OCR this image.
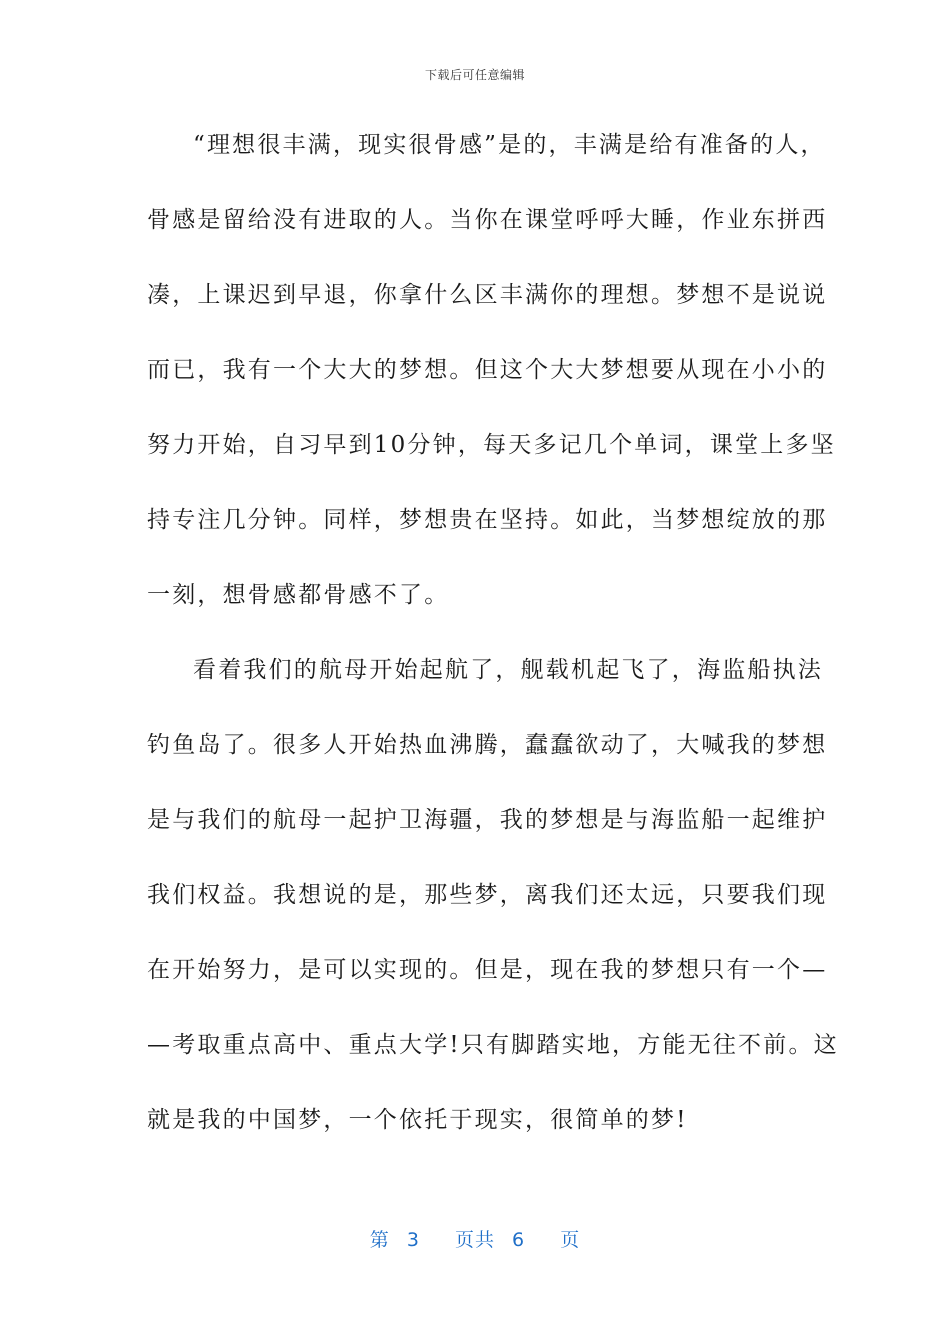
下载后可任意编辑
“理想很丰满，现实很骨感”是的，丰满是给有准备的人，
骨感是留给没有进取的人。当你在课堂呼呼大睡，作业东拼西
凑，上课迟到早退，你拿什么区丰满你的理想。梦想不是说说
而已，我有一个大大的梦想。但这个大大梦想要从现在小小的
努力开始，自习早到10分钟，每天多记几个单词，课堂上多坚
持专注几分钟。同样，梦想贵在坚持。如此，当梦想绽放的那
一刻，想骨感都骨感不了。
看着我们的航母开始起航了，舰载机起飞了，海监船执法
钓鱼岛了。很多人开始热血沸腾，蠢蠢欲动了，大喊我的梦想
是与我们的航母一起护卫海疆，我的梦想是与海监船一起维护
我们权益。我想说的是，那些梦，离我们还太远，只要我们现
在开始努力，是可以实现的。但是，现在我的梦想只有一个—
—考取重点高中、重点大学!只有脚踏实地，方能无往不前。这
就是我的中国梦，一个依托于现实，很简单的梦!
第 3 页共 6 页
